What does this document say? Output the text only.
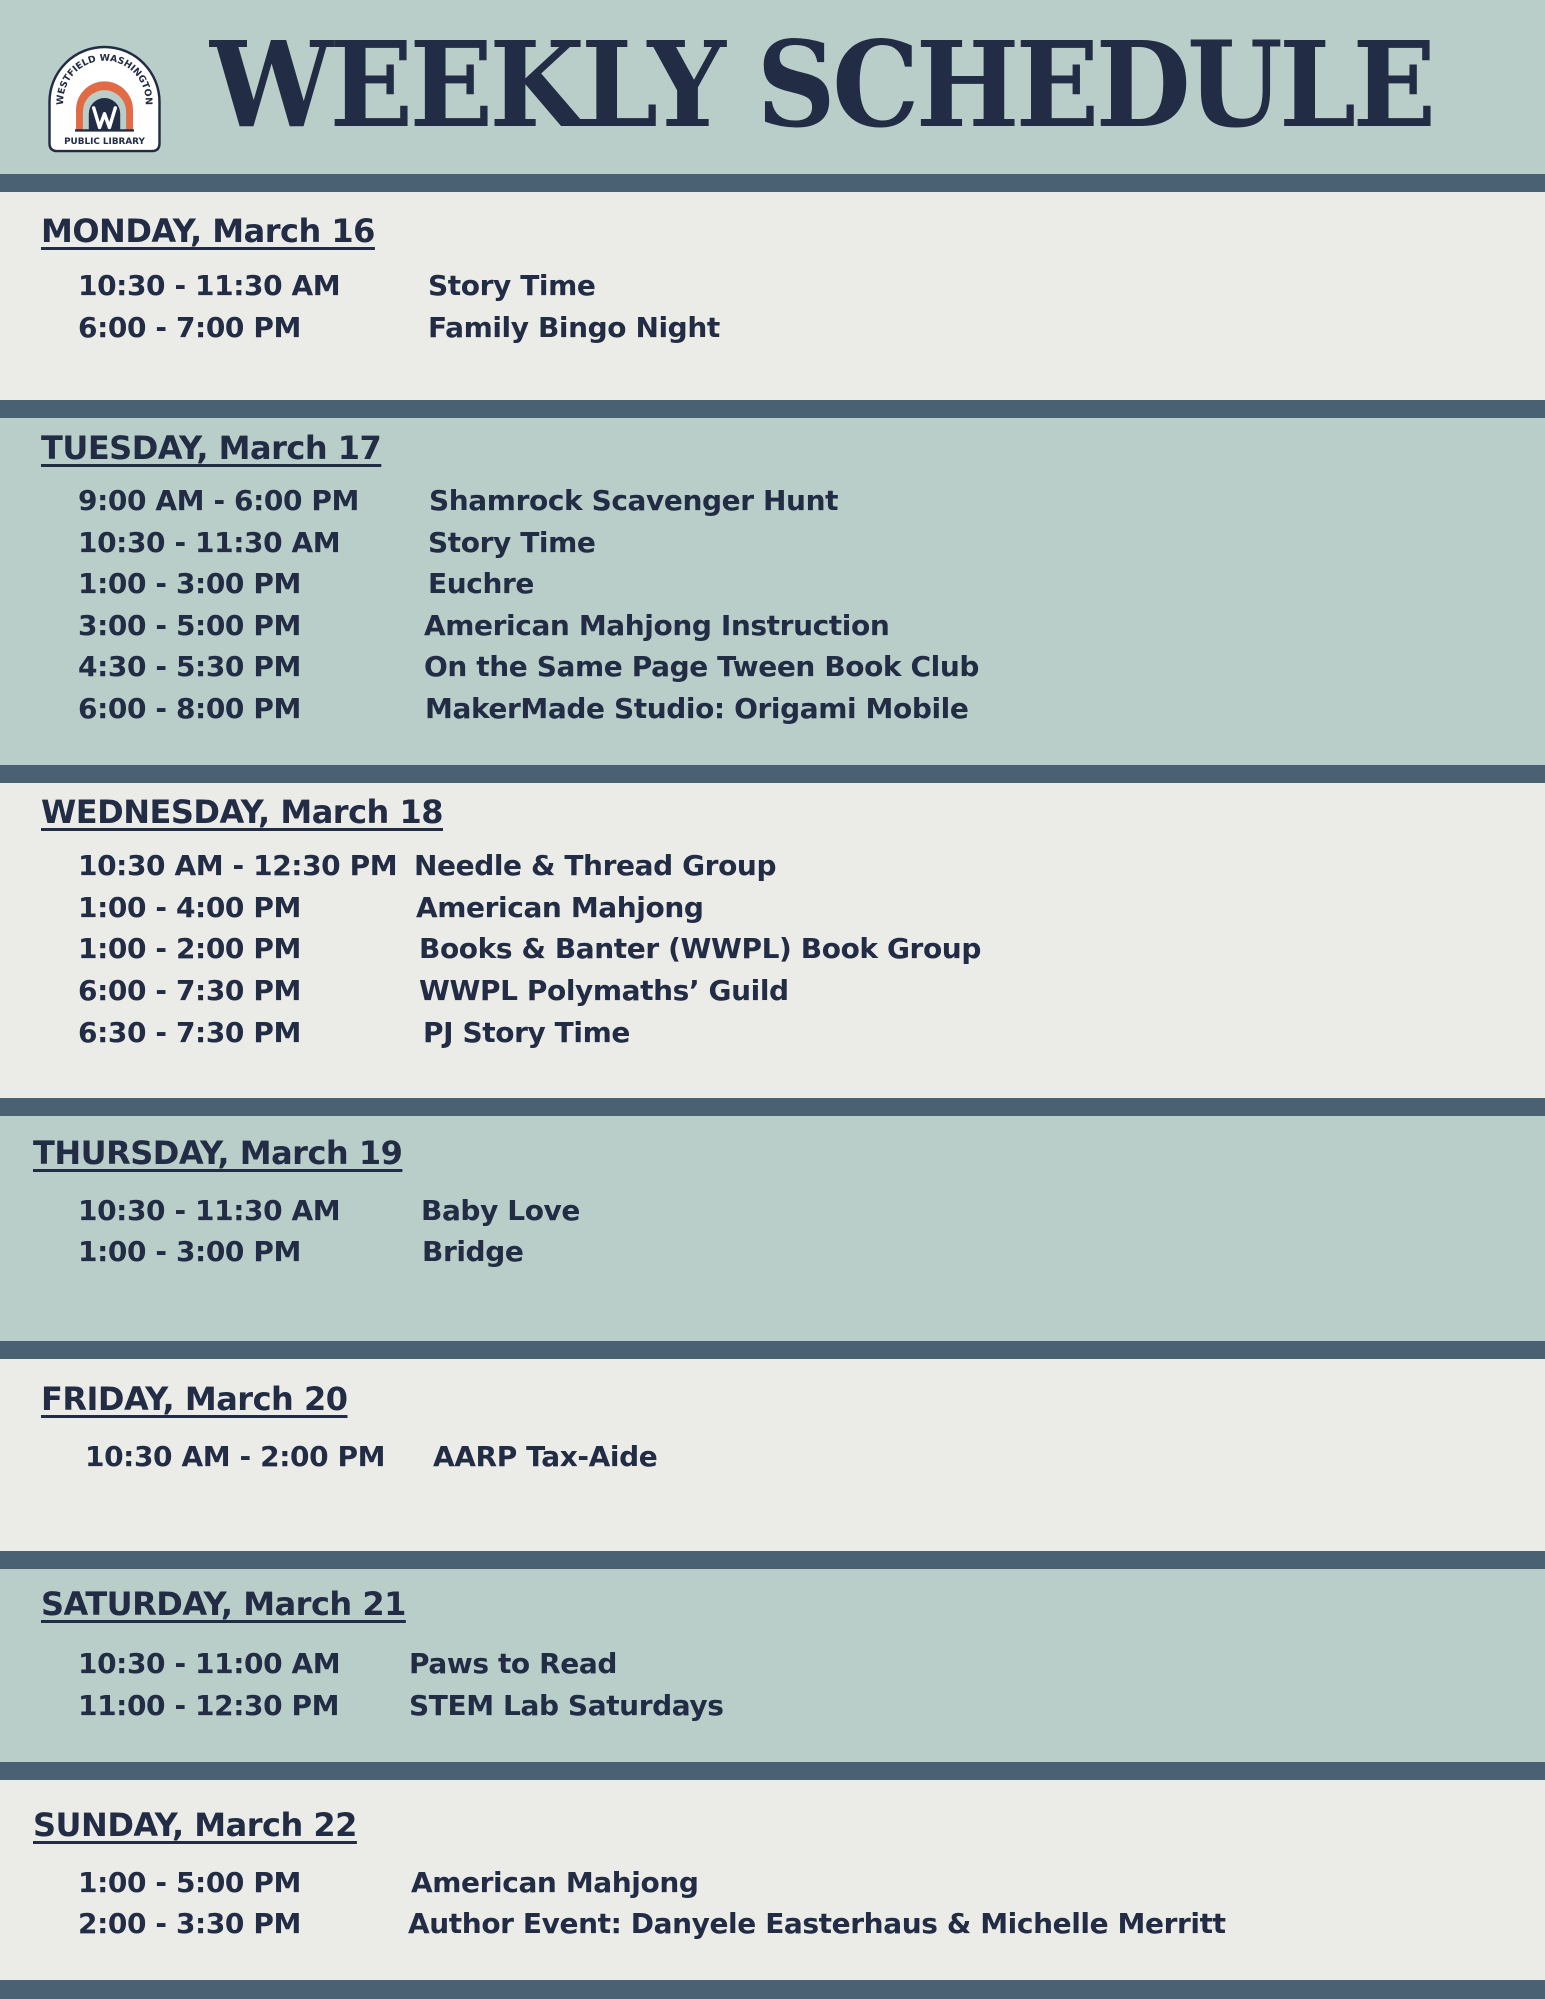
WESTFIELD WASHINGTON
PUBLIC LIBRARY WEEKLY SCHEDULE
MONDAY, March 16
10:30 - 11:30 AM	Story Time
6:00 - 7:00 PM	Family Bingo Night
TUESDAY, March 17
9:00 AM - 6:00 PM Shamrock Scavenger Hunt
10:30 - 11:30 AM	Story Time
1:00 - 3:00 PM	Euchre
3:00 - 5:00 PM	American Mahjong Instruction
4:30 - 5:30 PM	On the Same Page Tween Book Club
6:00 - 8:00 PM	MakerMade Studio: Origami Mobile
WEDNESDAY, March 18
10:30 AM - 12:30 PM Needle & Thread Group
1:00 - 4:00 PM	American Mahjong
1:00 - 2:00 PM	Books & Banter (WWPL) Book Group
6:00 - 7:30 PM	WWPL Polymaths’ Guild
6:30 - 7:30 PM	PJ Story Time
THURSDAY, March 19
10:30 - 11:30 AM	Baby Love
1:00 - 3:00 PM	Bridge
FRIDAY, March 20
10:30 AM - 2:00 PM AARP Tax-Aide
SATURDAY, March 21
10:30 - 11:00 AM Paws to Read
11:00 - 12:30 PM STEM Lab Saturdays
SUNDAY, March 22
1:00 - 5:00 PM	American Mahjong
2:00 - 3:30 PM	Author Event: Danyele Easterhaus & Michelle Merritt
